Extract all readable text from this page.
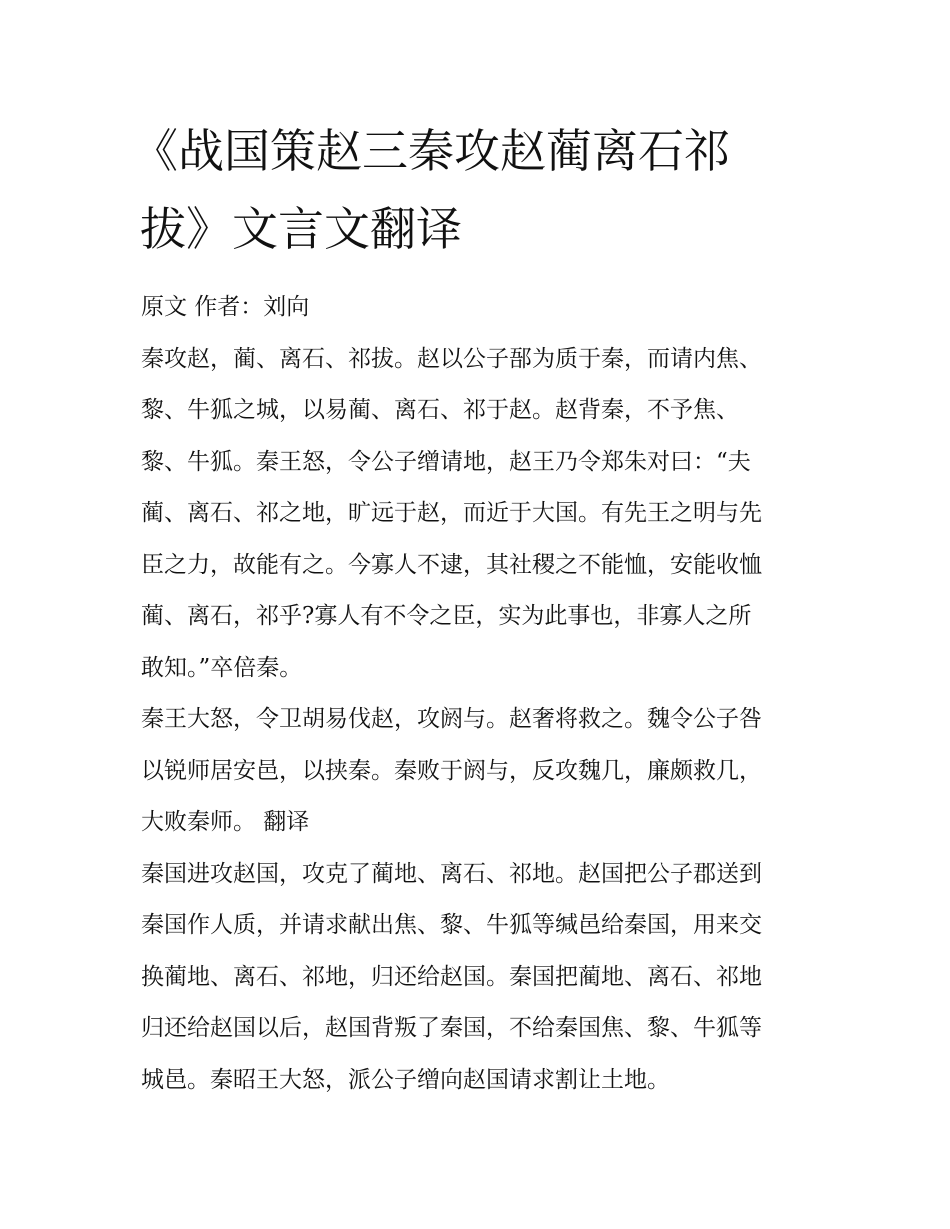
《战国策赵三秦攻赵蔺离石祁
拔》文言文翻译
原文 作者：刘向
秦攻赵，蔺、离石、祁拔。赵以公子郚为质于秦，而请内焦、
黎、牛狐之城，以易蔺、离石、祁于赵。赵背秦，不予焦、
黎、牛狐。秦王怒，令公子缯请地，赵王乃令郑朱对曰：“夫
蔺、离石、祁之地，旷远于赵，而近于大国。有先王之明与先
臣之力，故能有之。今寡人不逮，其社稷之不能恤，安能收恤
蔺、离石，祁乎?寡人有不令之臣，实为此事也，非寡人之所
敢知。”卒倍秦。
秦王大怒，令卫胡易伐赵，攻阏与。赵奢将救之。魏令公子咎
以锐师居安邑，以挟秦。秦败于阏与，反攻魏几，廉颇救几，
大败秦师。 翻译
秦国进攻赵国，攻克了蔺地、离石、祁地。赵国把公子郡送到
秦国作人质，并请求献出焦、黎、牛狐等缄邑给秦国，用来交
换蔺地、离石、祁地，归还给赵国。秦国把蔺地、离石、祁地
归还给赵国以后，赵国背叛了秦国，不给秦国焦、黎、牛狐等
城邑。秦昭王大怒，派公子缯向赵国请求割让土地。
